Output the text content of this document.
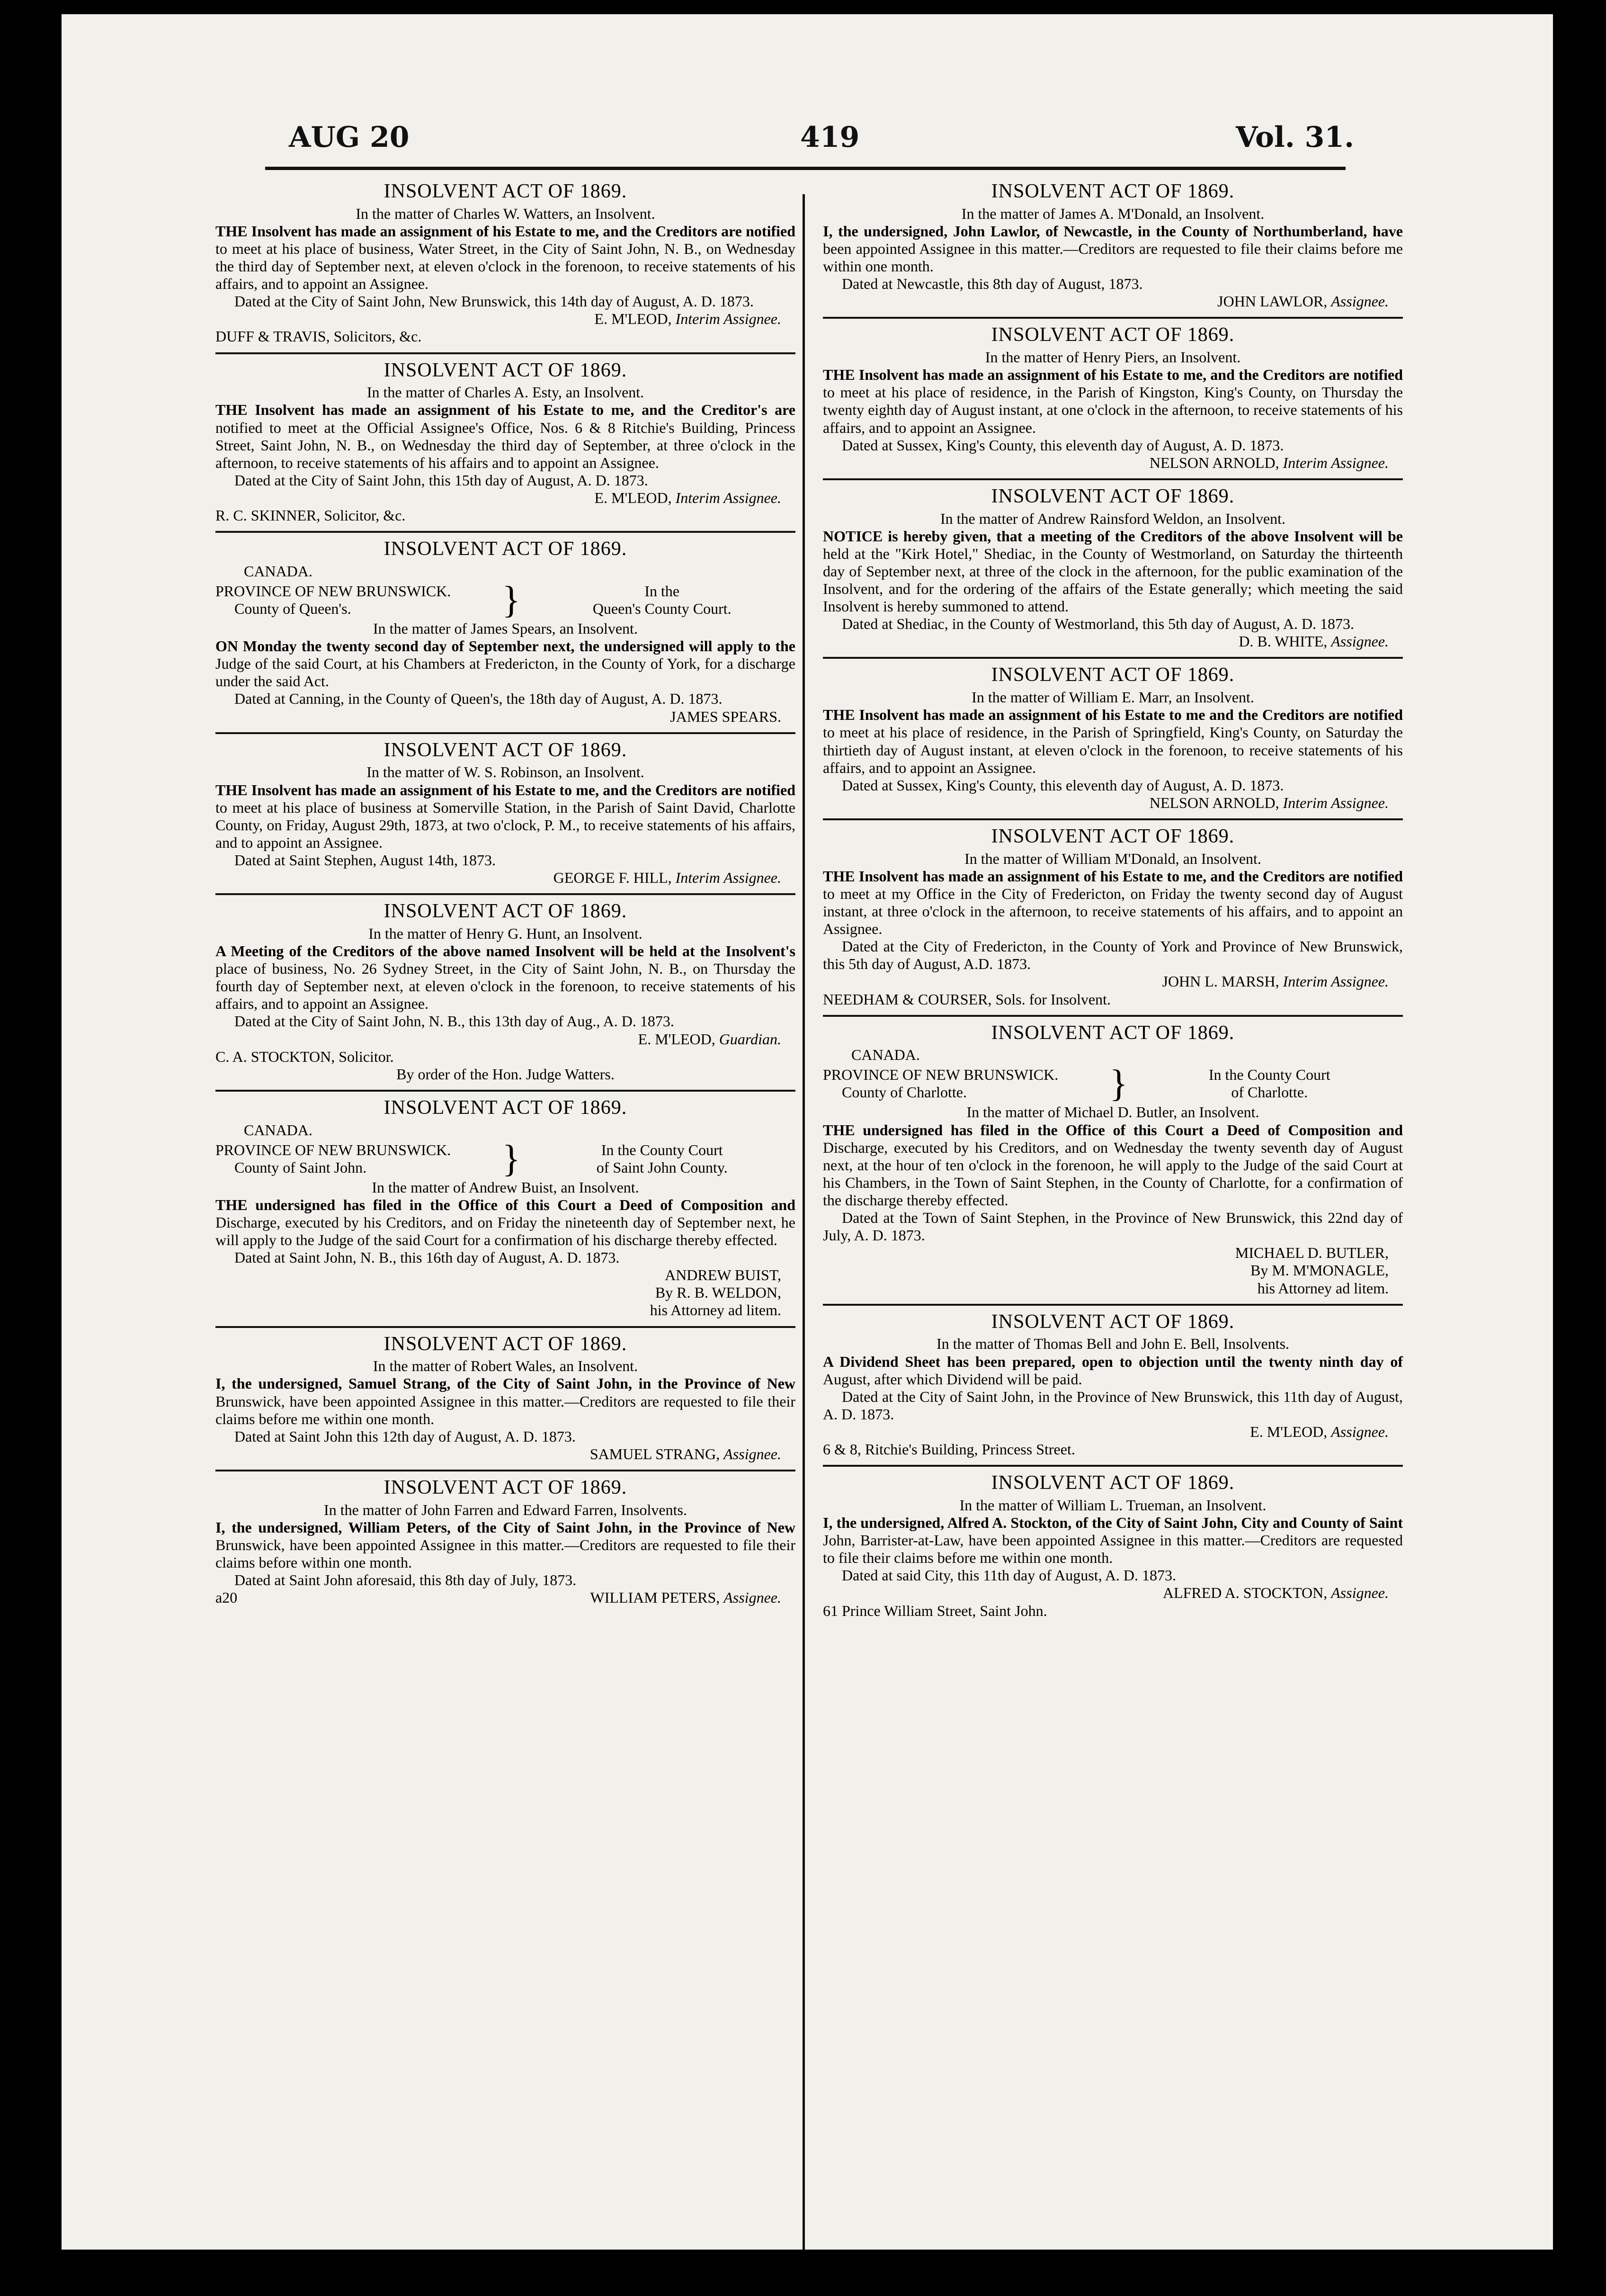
AUG 20	419	Vol. 31.
INSOLVENT ACT OF 1869.
In the matter of Charles W. Watters, an Insolvent.
THE Insolvent has made an assignment of his Estate to me, and the Creditors are notified to meet at his place of business, Water Street, in the City of Saint John, N. B., on Wednesday the third day of September next, at eleven o'clock in the forenoon, to receive statements of his affairs, and to appoint an Assignee.
Dated at the City of Saint John, New Brunswick, this 14th day of August, A. D. 1873.
E. M'LEOD, Interim Assignee.
DUFF & TRAVIS, Solicitors, &c.
INSOLVENT ACT OF 1869.
In the matter of Charles A. Esty, an Insolvent.
THE Insolvent has made an assignment of his Estate to me, and the Creditor's are notified to meet at the Official Assignee's Office, Nos. 6 & 8 Ritchie's Building, Princess Street, Saint John, N. B., on Wednesday the third day of September, at three o'clock in the afternoon, to receive statements of his affairs and to appoint an Assignee.
Dated at the City of Saint John, this 15th day of August, A. D. 1873.
E. M'LEOD, Interim Assignee.
R. C. SKINNER, Solicitor, &c.
INSOLVENT ACT OF 1869.
CANADA.
PROVINCE OF NEW BRUNSWICK.
County of Queen's.	}	In the
Queen's County Court.
In the matter of James Spears, an Insolvent.
ON Monday the twenty second day of September next, the undersigned will apply to the Judge of the said Court, at his Chambers at Fredericton, in the County of York, for a discharge under the said Act.
Dated at Canning, in the County of Queen's, the 18th day of August, A. D. 1873.
JAMES SPEARS.
INSOLVENT ACT OF 1869.
In the matter of W. S. Robinson, an Insolvent.
THE Insolvent has made an assignment of his Estate to me, and the Creditors are notified to meet at his place of business at Somerville Station, in the Parish of Saint David, Charlotte County, on Friday, August 29th, 1873, at two o'clock, P. M., to receive statements of his affairs, and to appoint an Assignee.
Dated at Saint Stephen, August 14th, 1873.
GEORGE F. HILL, Interim Assignee.
INSOLVENT ACT OF 1869.
In the matter of Henry G. Hunt, an Insolvent.
A Meeting of the Creditors of the above named Insolvent will be held at the Insolvent's place of business, No. 26 Sydney Street, in the City of Saint John, N. B., on Thursday the fourth day of September next, at eleven o'clock in the forenoon, to receive statements of his affairs, and to appoint an Assignee.
Dated at the City of Saint John, N. B., this 13th day of Aug., A. D. 1873.
E. M'LEOD, Guardian.
C. A. STOCKTON, Solicitor.
By order of the Hon. Judge Watters.
INSOLVENT ACT OF 1869.
CANADA.
PROVINCE OF NEW BRUNSWICK.
County of Saint John.	}	In the County Court
of Saint John County.
In the matter of Andrew Buist, an Insolvent.
THE undersigned has filed in the Office of this Court a Deed of Composition and Discharge, executed by his Creditors, and on Friday the nineteenth day of September next, he will apply to the Judge of the said Court for a confirmation of his discharge thereby effected.
Dated at Saint John, N. B., this 16th day of August, A. D. 1873.
ANDREW BUIST,
By R. B. WELDON,
his Attorney ad litem.
INSOLVENT ACT OF 1869.
In the matter of Robert Wales, an Insolvent.
I, the undersigned, Samuel Strang, of the City of Saint John, in the Province of New Brunswick, have been appointed Assignee in this matter.—Creditors are requested to file their claims before me within one month.
Dated at Saint John this 12th day of August, A. D. 1873.
SAMUEL STRANG, Assignee.
INSOLVENT ACT OF 1869.
In the matter of John Farren and Edward Farren, Insolvents.
I, the undersigned, William Peters, of the City of Saint John, in the Province of New Brunswick, have been appointed Assignee in this matter.—Creditors are requested to file their claims before within one month.
Dated at Saint John aforesaid, this 8th day of July, 1873.
a20	WILLIAM PETERS, Assignee.
INSOLVENT ACT OF 1869.
In the matter of James A. M'Donald, an Insolvent.
I, the undersigned, John Lawlor, of Newcastle, in the County of Northumberland, have been appointed Assignee in this matter.—Creditors are requested to file their claims before me within one month.
Dated at Newcastle, this 8th day of August, 1873.
JOHN LAWLOR, Assignee.
INSOLVENT ACT OF 1869.
In the matter of Henry Piers, an Insolvent.
THE Insolvent has made an assignment of his Estate to me, and the Creditors are notified to meet at his place of residence, in the Parish of Kingston, King's County, on Thursday the twenty eighth day of August instant, at one o'clock in the afternoon, to receive statements of his affairs, and to appoint an Assignee.
Dated at Sussex, King's County, this eleventh day of August, A. D. 1873.
NELSON ARNOLD, Interim Assignee.
INSOLVENT ACT OF 1869.
In the matter of Andrew Rainsford Weldon, an Insolvent.
NOTICE is hereby given, that a meeting of the Creditors of the above Insolvent will be held at the "Kirk Hotel," Shediac, in the County of Westmorland, on Saturday the thirteenth day of September next, at three of the clock in the afternoon, for the public examination of the Insolvent, and for the ordering of the affairs of the Estate generally; which meeting the said Insolvent is hereby summoned to attend.
Dated at Shediac, in the County of Westmorland, this 5th day of August, A. D. 1873.
D. B. WHITE, Assignee.
INSOLVENT ACT OF 1869.
In the matter of William E. Marr, an Insolvent.
THE Insolvent has made an assignment of his Estate to me and the Creditors are notified to meet at his place of residence, in the Parish of Springfield, King's County, on Saturday the thirtieth day of August instant, at eleven o'clock in the forenoon, to receive statements of his affairs, and to appoint an Assignee.
Dated at Sussex, King's County, this eleventh day of August, A. D. 1873.
NELSON ARNOLD, Interim Assignee.
INSOLVENT ACT OF 1869.
In the matter of William M'Donald, an Insolvent.
THE Insolvent has made an assignment of his Estate to me, and the Creditors are notified to meet at my Office in the City of Fredericton, on Friday the twenty second day of August instant, at three o'clock in the afternoon, to receive statements of his affairs, and to appoint an Assignee.
Dated at the City of Fredericton, in the County of York and Province of New Brunswick, this 5th day of August, A.D. 1873.
JOHN L. MARSH, Interim Assignee.
NEEDHAM & COURSER, Sols. for Insolvent.
INSOLVENT ACT OF 1869.
CANADA.
PROVINCE OF NEW BRUNSWICK.
County of Charlotte.	}	In the County Court
of Charlotte.
In the matter of Michael D. Butler, an Insolvent.
THE undersigned has filed in the Office of this Court a Deed of Composition and Discharge, executed by his Creditors, and on Wednesday the twenty seventh day of August next, at the hour of ten o'clock in the forenoon, he will apply to the Judge of the said Court at his Chambers, in the Town of Saint Stephen, in the County of Charlotte, for a confirmation of the discharge thereby effected.
Dated at the Town of Saint Stephen, in the Province of New Brunswick, this 22nd day of July, A. D. 1873.
MICHAEL D. BUTLER,
By M. M'MONAGLE,
his Attorney ad litem.
INSOLVENT ACT OF 1869.
In the matter of Thomas Bell and John E. Bell, Insolvents.
A Dividend Sheet has been prepared, open to objection until the twenty ninth day of August, after which Dividend will be paid.
Dated at the City of Saint John, in the Province of New Brunswick, this 11th day of August, A. D. 1873.
E. M'LEOD, Assignee.
6 & 8, Ritchie's Building, Princess Street.
INSOLVENT ACT OF 1869.
In the matter of William L. Trueman, an Insolvent.
I, the undersigned, Alfred A. Stockton, of the City of Saint John, City and County of Saint John, Barrister-at-Law, have been appointed Assignee in this matter.—Creditors are requested to file their claims before me within one month.
Dated at said City, this 11th day of August, A. D. 1873.
ALFRED A. STOCKTON, Assignee.
61 Prince William Street, Saint John.
